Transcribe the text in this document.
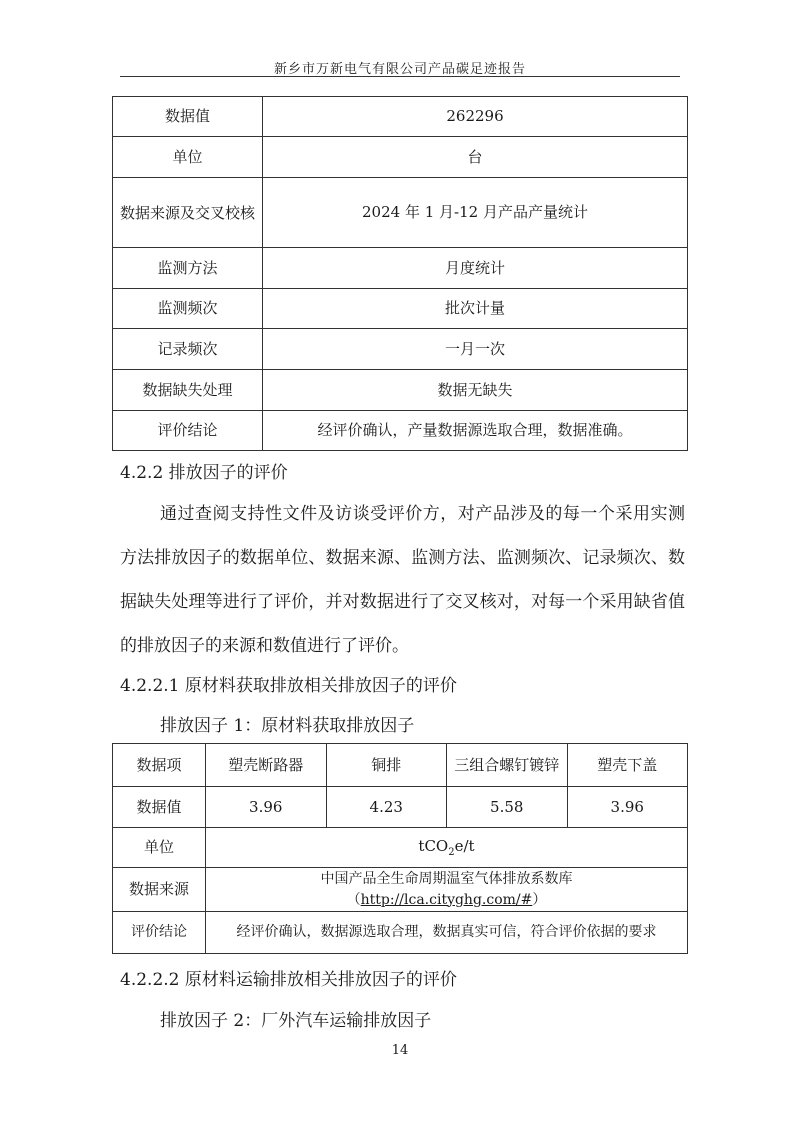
新乡市万新电气有限公司产品碳足迹报告
数据值	262296
单位	台
数据来源及交叉校核	2024 年 1 月-12 月产品产量统计
监测方法	月度统计
监测频次	批次计量
记录频次	一月一次
数据缺失处理	数据无缺失
评价结论	经评价确认，产量数据源选取合理，数据准确。
4.2.2 排放因子的评价
通过查阅支持性文件及访谈受评价方，对产品涉及的每一个采用实测方法排放因子的数据单位、数据来源、监测方法、监测频次、记录频次、数据缺失处理等进行了评价，并对数据进行了交叉核对，对每一个采用缺省值的排放因子的来源和数值进行了评价。
4.2.2.1 原材料获取排放相关排放因子的评价
排放因子 1：原材料获取排放因子
数据项	塑壳断路器	铜排	三组合螺钉镀锌	塑壳下盖
数据值	3.96	4.23	5.58	3.96
单位	tCO$_2$e/t			
数据来源	中国产品全生命周期温室气体排放系数库
（http://lca.cityghg.com/#）			

评价结论	经评价确认，数据源选取合理，数据真实可信，符合评价依据的要求			
4.2.2.2 原材料运输排放相关排放因子的评价
排放因子 2：厂外汽车运输排放因子
14
